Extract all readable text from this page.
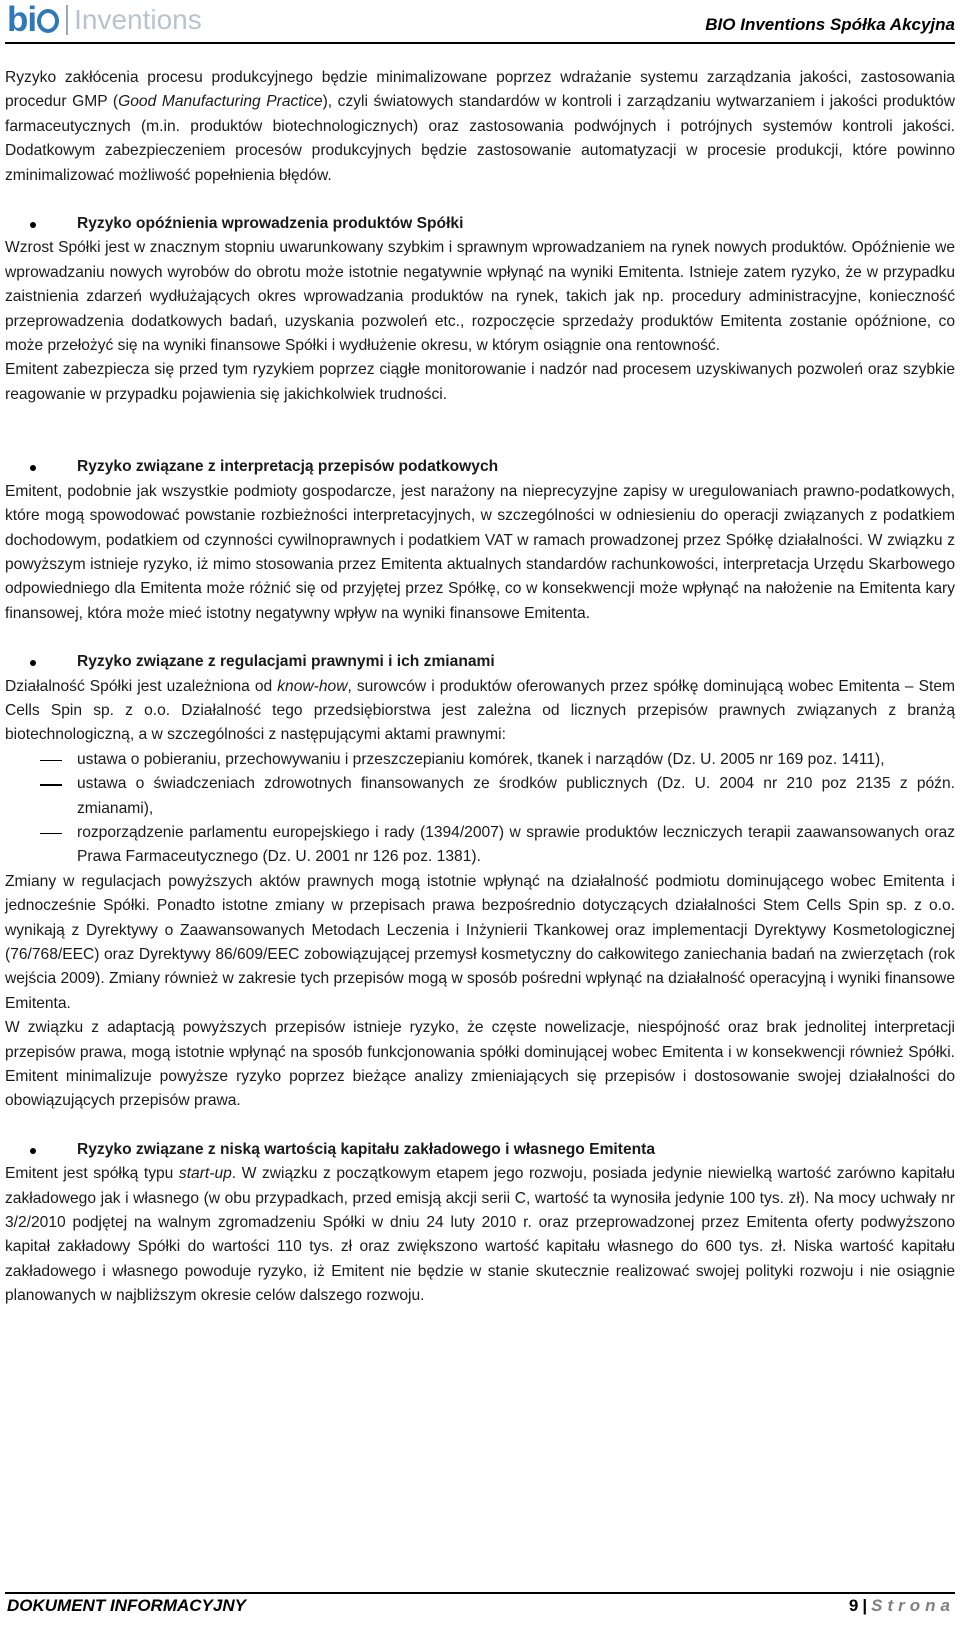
bi	Inventions	BIO Inventions Spółka Akcyjna

Ryzyko zakłócenia procesu produkcyjnego będzie minimalizowane poprzez wdrażanie systemu zarządzania jakości, zastosowania procedur GMP (Good Manufacturing Practice), czyli światowych standardów w kontroli i zarządzaniu wytwarzaniem i jakości produktów farmaceutycznych (m.in. produktów biotechnologicznych) oraz zastosowania podwójnych i potrójnych systemów kontroli jakości. Dodatkowym zabezpieczeniem procesów produkcyjnych będzie zastosowanie automatyzacji w procesie produkcji, które powinno zminimalizować możliwość popełnienia błędów.

Ryzyko opóźnienia wprowadzenia produktów Spółki

Wzrost Spółki jest w znacznym stopniu uwarunkowany szybkim i sprawnym wprowadzaniem na rynek nowych produktów. Opóźnienie we wprowadzaniu nowych wyrobów do obrotu może istotnie negatywnie wpłynąć na wyniki Emitenta. Istnieje zatem ryzyko, że w przypadku zaistnienia zdarzeń wydłużających okres wprowadzania produktów na rynek, takich jak np. procedury administracyjne, konieczność przeprowadzenia dodatkowych badań, uzyskania pozwoleń etc., rozpoczęcie sprzedaży produktów Emitenta zostanie opóźnione, co może przełożyć się na wyniki finansowe Spółki i wydłużenie okresu, w którym osiągnie ona rentowność.

Emitent zabezpiecza się przed tym ryzykiem poprzez ciągłe monitorowanie i nadzór nad procesem uzyskiwanych pozwoleń oraz szybkie reagowanie w przypadku pojawienia się jakichkolwiek trudności.

Ryzyko związane z interpretacją przepisów podatkowych

Emitent, podobnie jak wszystkie podmioty gospodarcze, jest narażony na nieprecyzyjne zapisy w uregulowaniach prawno-podatkowych, które mogą spowodować powstanie rozbieżności interpretacyjnych, w szczególności w odniesieniu do operacji związanych z podatkiem dochodowym, podatkiem od czynności cywilnoprawnych i podatkiem VAT w ramach prowadzonej przez Spółkę działalności. W związku z powyższym istnieje ryzyko, iż mimo stosowania przez Emitenta aktualnych standardów rachunkowości, interpretacja Urzędu Skarbowego odpowiedniego dla Emitenta może różnić się od przyjętej przez Spółkę, co w konsekwencji może wpłynąć na nałożenie na Emitenta kary finansowej, która może mieć istotny negatywny wpływ na wyniki finansowe Emitenta.

Ryzyko związane z regulacjami prawnymi i ich zmianami

Działalność Spółki jest uzależniona od know-how, surowców i produktów oferowanych przez spółkę dominującą wobec Emitenta – Stem Cells Spin sp. z o.o. Działalność tego przedsiębiorstwa jest zależna od licznych przepisów prawnych związanych z branżą biotechnologiczną, a w szczególności z następującymi aktami prawnymi:

ustawa o pobieraniu, przechowywaniu i przeszczepianiu komórek, tkanek i narządów (Dz. U. 2005 nr 169 poz. 1411),
ustawa o świadczeniach zdrowotnych finansowanych ze środków publicznych (Dz. U. 2004 nr 210 poz 2135 z późn. zmianami),
rozporządzenie parlamentu europejskiego i rady (1394/2007) w sprawie produktów leczniczych terapii zaawansowanych oraz Prawa Farmaceutycznego (Dz. U. 2001 nr 126 poz. 1381).

Zmiany w regulacjach powyższych aktów prawnych mogą istotnie wpłynąć na działalność podmiotu dominującego wobec Emitenta i jednocześnie Spółki. Ponadto istotne zmiany w przepisach prawa bezpośrednio dotyczących działalności Stem Cells Spin sp. z o.o. wynikają z Dyrektywy o Zaawansowanych Metodach Leczenia i Inżynierii Tkankowej oraz implementacji Dyrektywy Kosmetologicznej (76/768/EEC) oraz Dyrektywy 86/609/EEC zobowiązującej przemysł kosmetyczny do całkowitego zaniechania badań na zwierzętach (rok wejścia 2009). Zmiany również w zakresie tych przepisów mogą w sposób pośredni wpłynąć na działalność operacyjną i wyniki finansowe Emitenta.

W związku z adaptacją powyższych przepisów istnieje ryzyko, że częste nowelizacje, niespójność oraz brak jednolitej interpretacji przepisów prawa, mogą istotnie wpłynąć na sposób funkcjonowania spółki dominującej wobec Emitenta i w konsekwencji również Spółki. Emitent minimalizuje powyższe ryzyko poprzez bieżące analizy zmieniających się przepisów i dostosowanie swojej działalności do obowiązujących przepisów prawa.

Ryzyko związane z niską wartością kapitału zakładowego i własnego Emitenta

Emitent jest spółką typu start-up. W związku z początkowym etapem jego rozwoju, posiada jedynie niewielką wartość zarówno kapitału zakładowego jak i własnego (w obu przypadkach, przed emisją akcji serii C, wartość ta wynosiła jedynie 100 tys. zł). Na mocy uchwały nr 3/2/2010 podjętej na walnym zgromadzeniu Spółki w dniu 24 luty 2010 r. oraz przeprowadzonej przez Emitenta oferty podwyższono kapitał zakładowy Spółki do wartości 110 tys. zł oraz zwiększono wartość kapitału własnego do 600 tys. zł. Niska wartość kapitału zakładowego i własnego powoduje ryzyko, iż Emitent nie będzie w stanie skutecznie realizować swojej polityki rozwoju i nie osiągnie planowanych w najbliższym okresie celów dalszego rozwoju.

DOKUMENT INFORMACYJNY	9 | Strona
